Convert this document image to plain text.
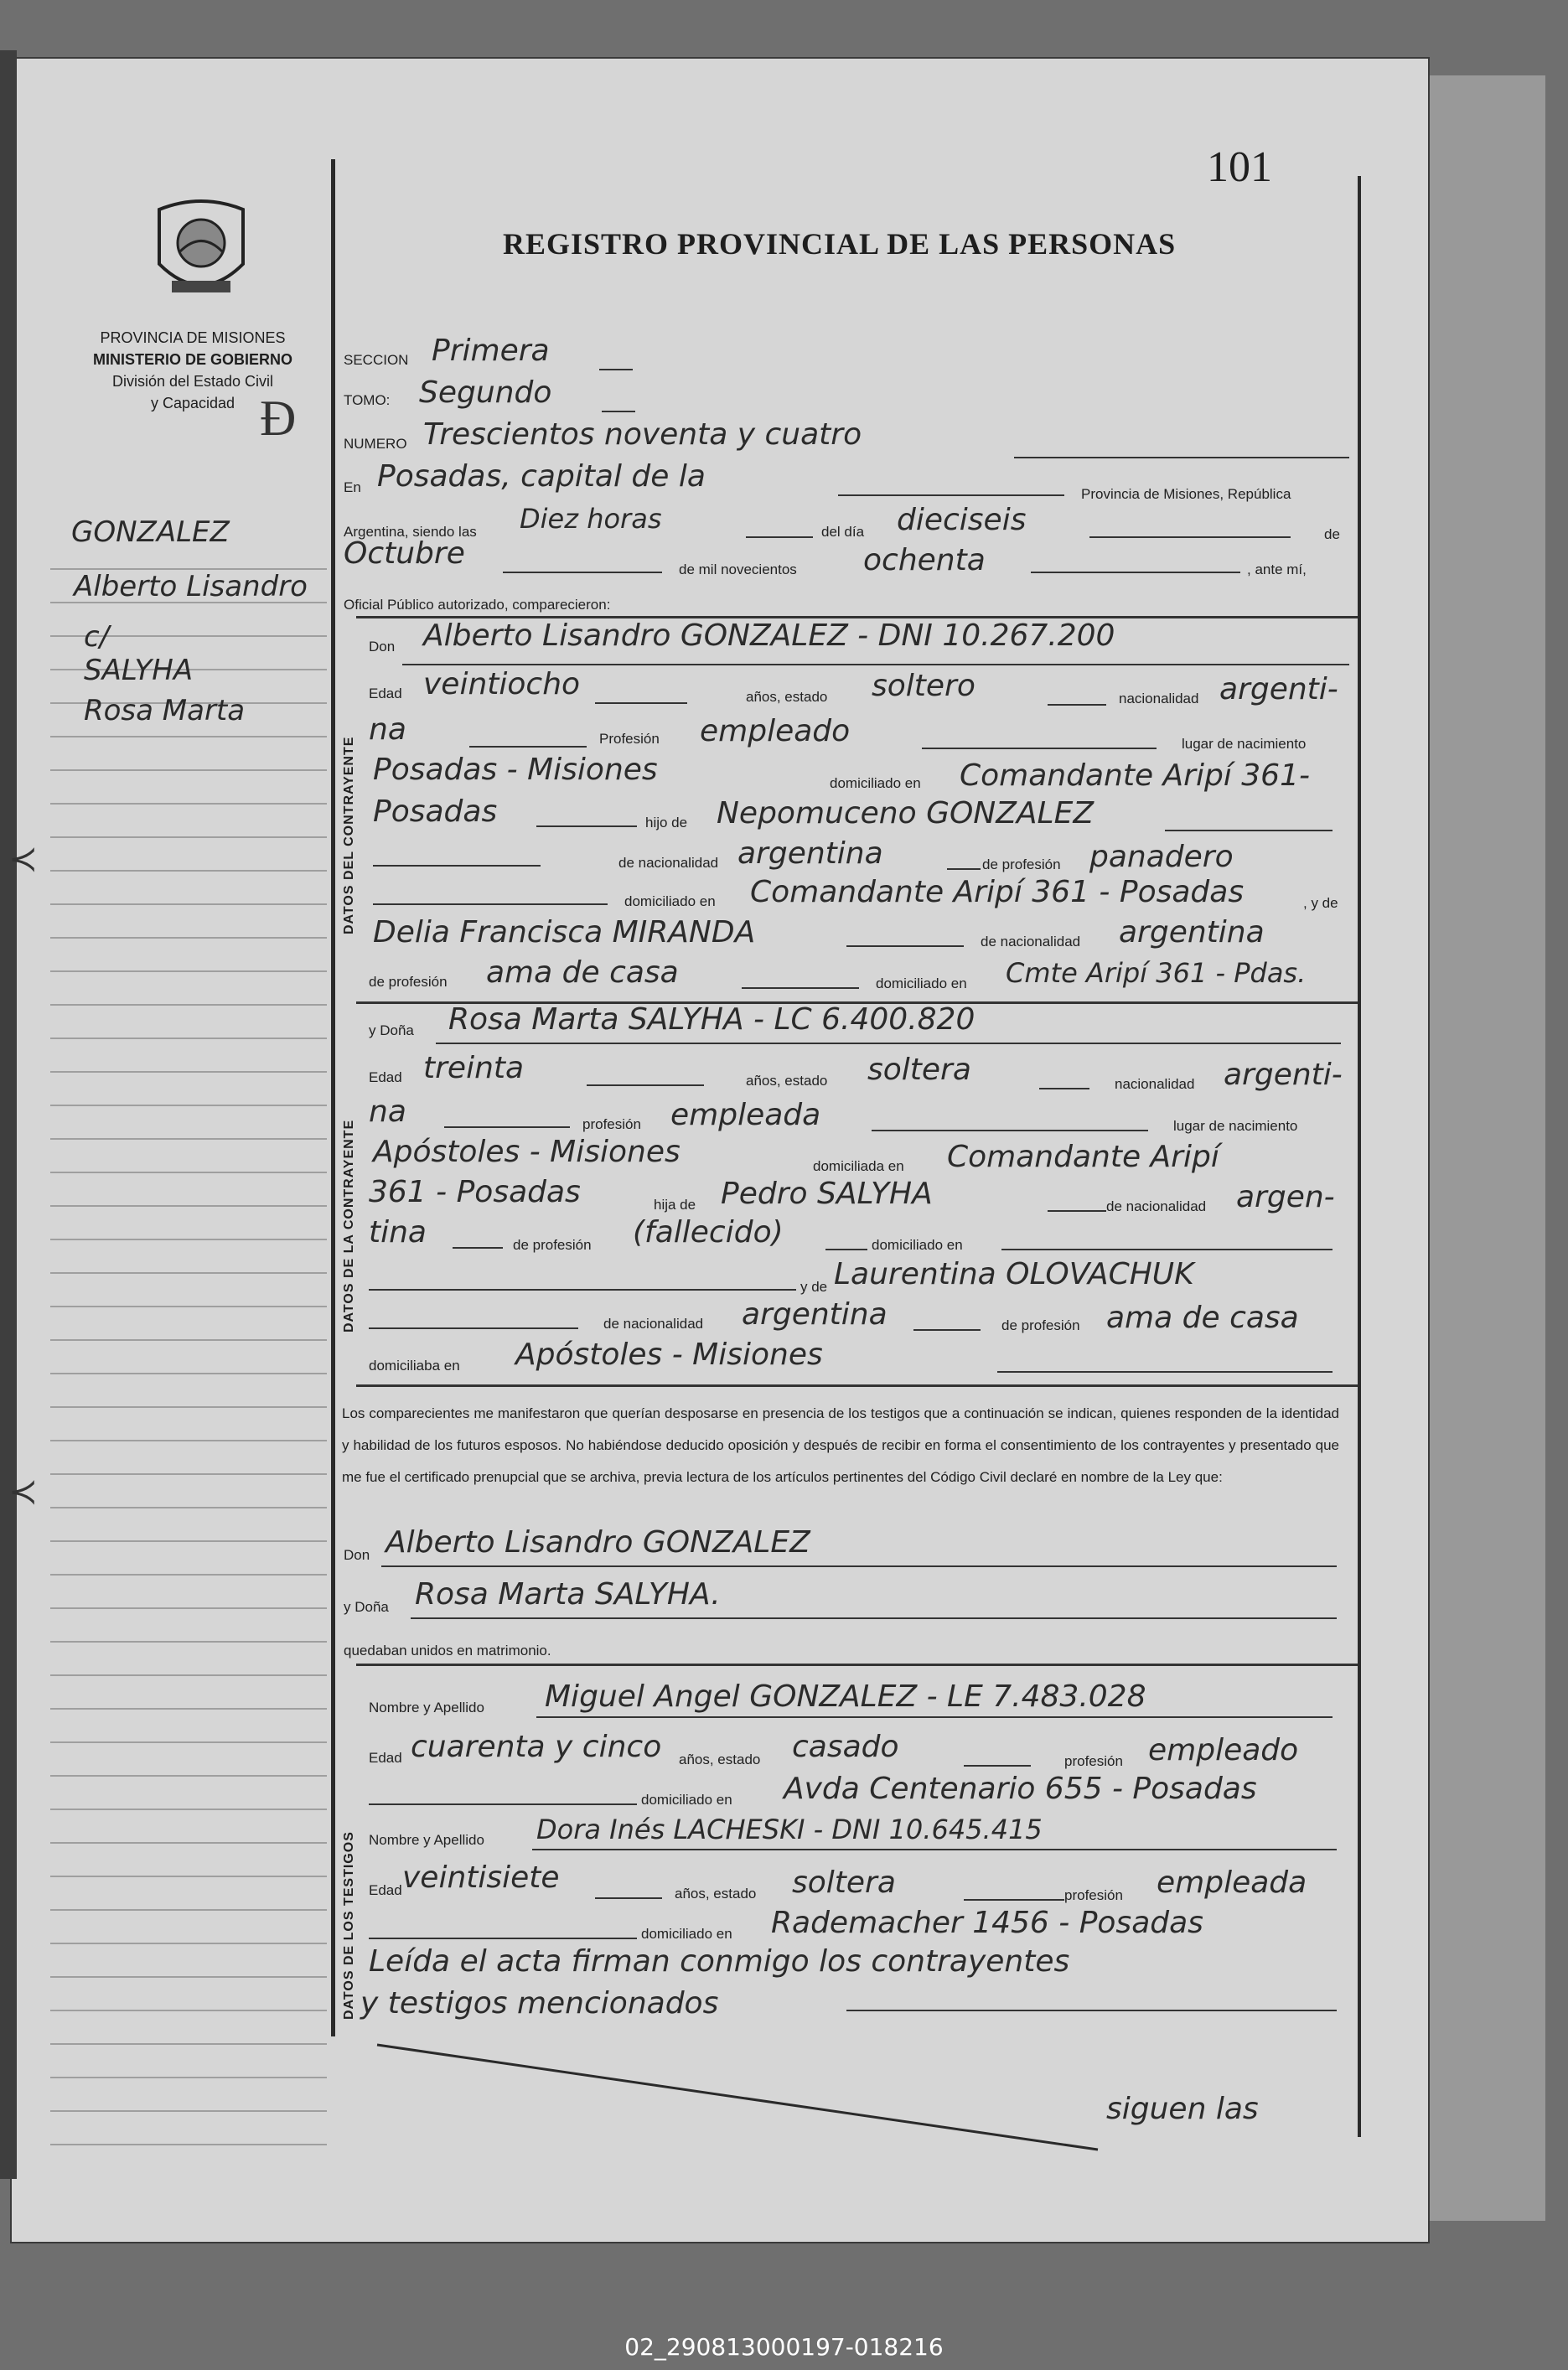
101
REGISTRO PROVINCIAL DE LAS PERSONAS
PROVINCIA DE MISIONES
MINISTERIO DE GOBIERNO
División del Estado Civil
y Capacidad Ɖ
GONZALEZ
Alberto Lisandro
c/
SALYHA
Rosa Marta
≺
≺
SECCION Primera
TOMO: Segundo
NUMERO Trescientos noventa y cuatro
En Posadas, capital de la
Provincia de Misiones, República
Argentina, siendo las Diez horas	del día dieciseis	de
Octubre	de mil novecientos ochenta	, ante mí,
Oficial Público autorizado, comparecieron:
DATOS DEL CONTRAYENTE
Don Alberto Lisandro GONZALEZ - DNI 10.267.200
Edad veintiocho	años, estado soltero	nacionalidad argenti-
na	Profesión empleado	lugar de nacimiento
Posadas - Misiones	domiciliado en Comandante Aripí 361-
Posadas	hijo de Nepomuceno GONZALEZ
de nacionalidad argentina	de profesión panadero
domiciliado en Comandante Aripí 361 - Posadas	, y de
Delia Francisca MIRANDA	de nacionalidad argentina
de profesión ama de casa	domiciliado en Cmte Aripí 361 - Pdas.
DATOS DE LA CONTRAYENTE
y Doña Rosa Marta SALYHA - LC 6.400.820
Edad treinta	años, estado soltera	nacionalidad argenti-
na	profesión empleada	lugar de nacimiento
Apóstoles - Misiones	domiciliada en Comandante Aripí
361 - Posadas	hija de Pedro SALYHA	de nacionalidad argen-
tina	de profesión (fallecido)	domiciliado en
y de Laurentina OLOVACHUK
de nacionalidad argentina	de profesión ama de casa
domiciliaba en Apóstoles - Misiones
Los comparecientes me manifestaron que querían desposarse en presencia de los testigos que a continuación se indican, quienes responden de la identidad y habilidad de los futuros esposos. No habiéndose deducido oposición y después de recibir en forma el consentimiento de los contrayentes y presentado que me fue el certificado prenupcial que se archiva, previa lectura de los artículos pertinentes del Código Civil declaré en nombre de la Ley que:
Don Alberto Lisandro GONZALEZ
y Doña Rosa Marta SALYHA.
quedaban unidos en matrimonio.
DATOS DE LOS TESTIGOS
Nombre y Apellido Miguel Angel GONZALEZ - LE 7.483.028
Edad cuarenta y cinco años, estado casado	profesión empleado
domiciliado en Avda Centenario 655 - Posadas
Nombre y Apellido Dora Inés LACHESKI - DNI 10.645.415
Edad veintisiete	años, estado soltera	profesión empleada
domiciliado en Rademacher 1456 - Posadas
Leída el acta firman conmigo los contrayentes
y testigos mencionados
siguen las
02_290813000197-018216
